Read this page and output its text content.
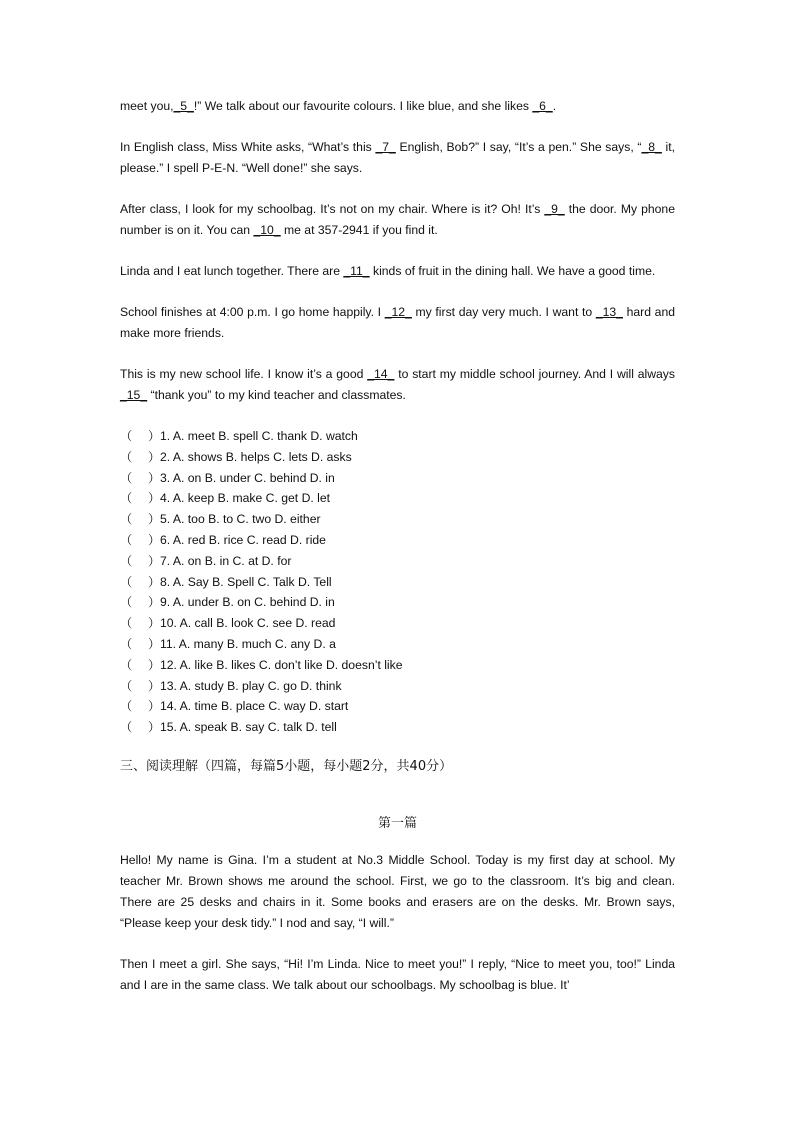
meet you,_5_!” We talk about our favourite colours. I like blue, and she likes _6_.

In English class, Miss White asks, “What’s this _7_ English, Bob?” I say, “It’s a pen.” She says, “_8_ it, please.” I spell P-E-N. “Well done!” she says.

After class, I look for my schoolbag. It’s not on my chair. Where is it? Oh! It’s _9_ the door. My phone number is on it. You can _10_ me at 357-2941 if you find it.

Linda and I eat lunch together. There are _11_ kinds of fruit in the dining hall. We have a good time.

School finishes at 4:00 p.m. I go home happily. I _12_ my first day very much. I want to _13_ hard and make more friends.

This is my new school life. I know it’s a good _14_ to start my middle school journey. And I will always _15_ “thank you” to my kind teacher and classmates.

（ ） 1. A. meet B. spell C. thank D. watch
（ ） 2. A. shows B. helps C. lets D. asks
（ ） 3. A. on B. under C. behind D. in
（ ） 4. A. keep B. make C. get D. let
（ ） 5. A. too B. to C. two D. either
（ ） 6. A. red B. rice C. read D. ride
（ ） 7. A. on B. in C. at D. for
（ ） 8. A. Say B. Spell C. Talk D. Tell
（ ） 9. A. under B. on C. behind D. in
（ ） 10. A. call B. look C. see D. read
（ ） 11. A. many B. much C. any D. a
（ ） 12. A. like B. likes C. don’t like D. doesn’t like
（ ） 13. A. study B. play C. go D. think
（ ） 14. A. time B. place C. way D. start
（ ） 15. A. speak B. say C. talk D. tell
三、阅读理解（四篇，每篇5小题，每小题2分，共40分）
第一篇

Hello! My name is Gina. I’m a student at No.3 Middle School. Today is my first day at school. My teacher Mr. Brown shows me around the school. First, we go to the classroom. It’s big and clean. There are 25 desks and chairs in it. Some books and erasers are on the desks. Mr. Brown says, “Please keep your desk tidy.” I nod and say, “I will.”

Then I meet a girl. She says, “Hi! I’m Linda. Nice to meet you!” I reply, “Nice to meet you, too!” Linda and I are in the same class. We talk about our schoolbags. My schoolbag is blue. It’
